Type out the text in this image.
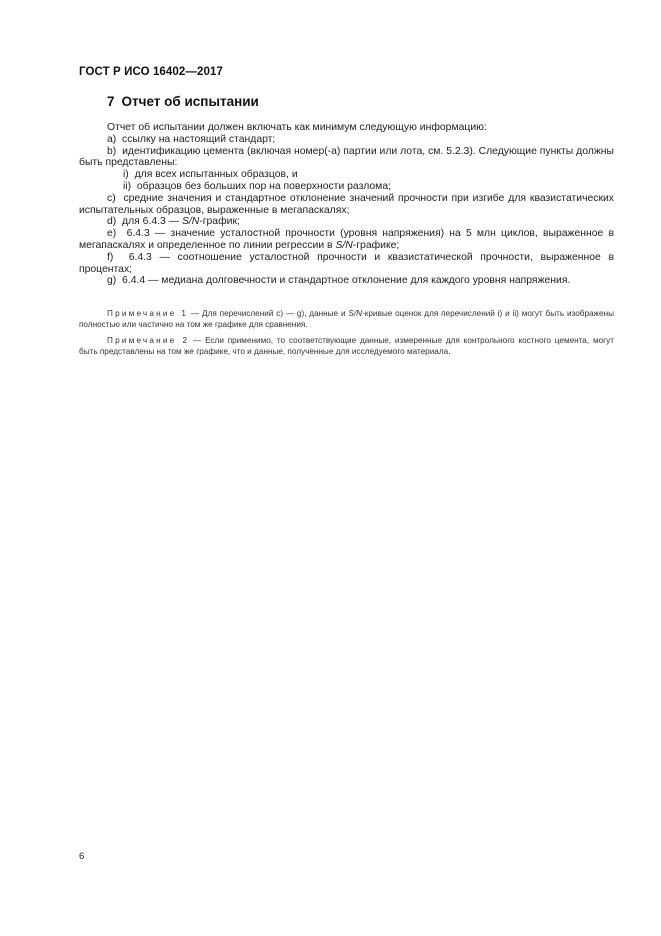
ГОСТ Р ИСО 16402—2017
7 Отчет об испытании

Отчет об испытании должен включать как минимум следующую информацию:

a) ссылку на настоящий стандарт;

b) идентификацию цемента (включая номер(-а) партии или лота, см. 5.2.3). Следующие пункты должны быть представлены:

i) для всех испытанных образцов, и

ii) образцов без больших пор на поверхности разлома;

c) средние значения и стандартное отклонение значений прочности при изгибе для квазистатических испытательных образцов, выраженные в мегапаскалях;

d) для 6.4.3 — S/N-график;

e) 6.4.3 — значение усталостной прочности (уровня напряжения) на 5 млн циклов, выраженное в мегапаскалях и определенное по линии регрессии в S/N-графике;

f) 6.4.3 — соотношение усталостной прочности и квазистатической прочности, выраженное в процентах;

g) 6.4.4 — медиана долговечности и стандартное отклонение для каждого уровня напряжения.

Примечание 1 — Для перечислений c) — g), данные и S/N-кривые оценок для перечислений i) и ii) могут быть изображены полностью или частично на том же графике для сравнения.

Примечание 2 — Если применимо, то соответствующие данные, измеренные для контрольного костного цемента, могут быть представлены на том же графике, что и данные, полученные для исследуемого материала.

6
